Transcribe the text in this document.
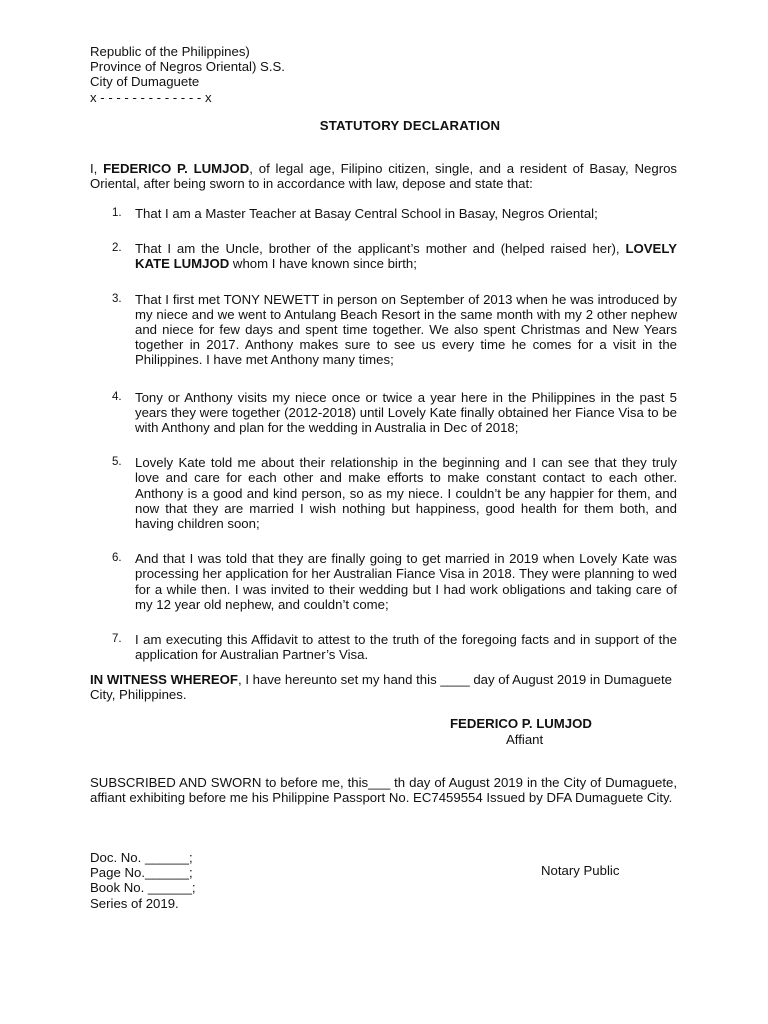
Republic of the Philippines)
Province of Negros Oriental) S.S.
City of Dumaguete
x - - - - - - - - - - - - - x
STATUTORY DECLARATION
I, FEDERICO P. LUMJOD, of legal age, Filipino citizen, single, and a resident of Basay, Negros Oriental, after being sworn to in accordance with law, depose and state that:
1.	That I am a Master Teacher at Basay Central School in Basay, Negros Oriental;
2.	That I am the Uncle, brother of the applicant’s mother and (helped raised her), LOVELY KATE LUMJOD whom I have known since birth;
3.	That I first met TONY NEWETT in person on September of 2013 when he was introduced by my niece and we went to Antulang Beach Resort in the same month with my 2 other nephew and niece for few days and spent time together. We also spent Christmas and New Years together in 2017. Anthony makes sure to see us every time he comes for a visit in the Philippines. I have met Anthony many times;
4.	Tony or Anthony visits my niece once or twice a year here in the Philippines in the past 5 years they were together (2012-2018) until Lovely Kate finally obtained her Fiance Visa to be with Anthony and plan for the wedding in Australia in Dec of 2018;
5.	Lovely Kate told me about their relationship in the beginning and I can see that they truly love and care for each other and make efforts to make constant contact to each other. Anthony is a good and kind person, so as my niece. I couldn’t be any happier for them, and now that they are married I wish nothing but happiness, good health for them both, and having children soon;
6.	And that I was told that they are finally going to get married in 2019 when Lovely Kate was processing her application for her Australian Fiance Visa in 2018. They were planning to wed for a while then. I was invited to their wedding but I had work obligations and taking care of my 12 year old nephew, and couldn’t come;
7.	I am executing this Affidavit to attest to the truth of the foregoing facts and in support of the application for Australian Partner’s Visa.
IN WITNESS WHEREOF, I have hereunto set my hand this ____ day of August 2019 in Dumaguete City, Philippines.
FEDERICO P. LUMJOD
Affiant
SUBSCRIBED AND SWORN to before me, this___ th day of August 2019 in the City of Dumaguete, affiant exhibiting before me his Philippine Passport No. EC7459554 Issued by DFA Dumaguete City.
Doc. No. ______;
Page No.______;
Book No. ______;
Series of 2019.
Notary Public
